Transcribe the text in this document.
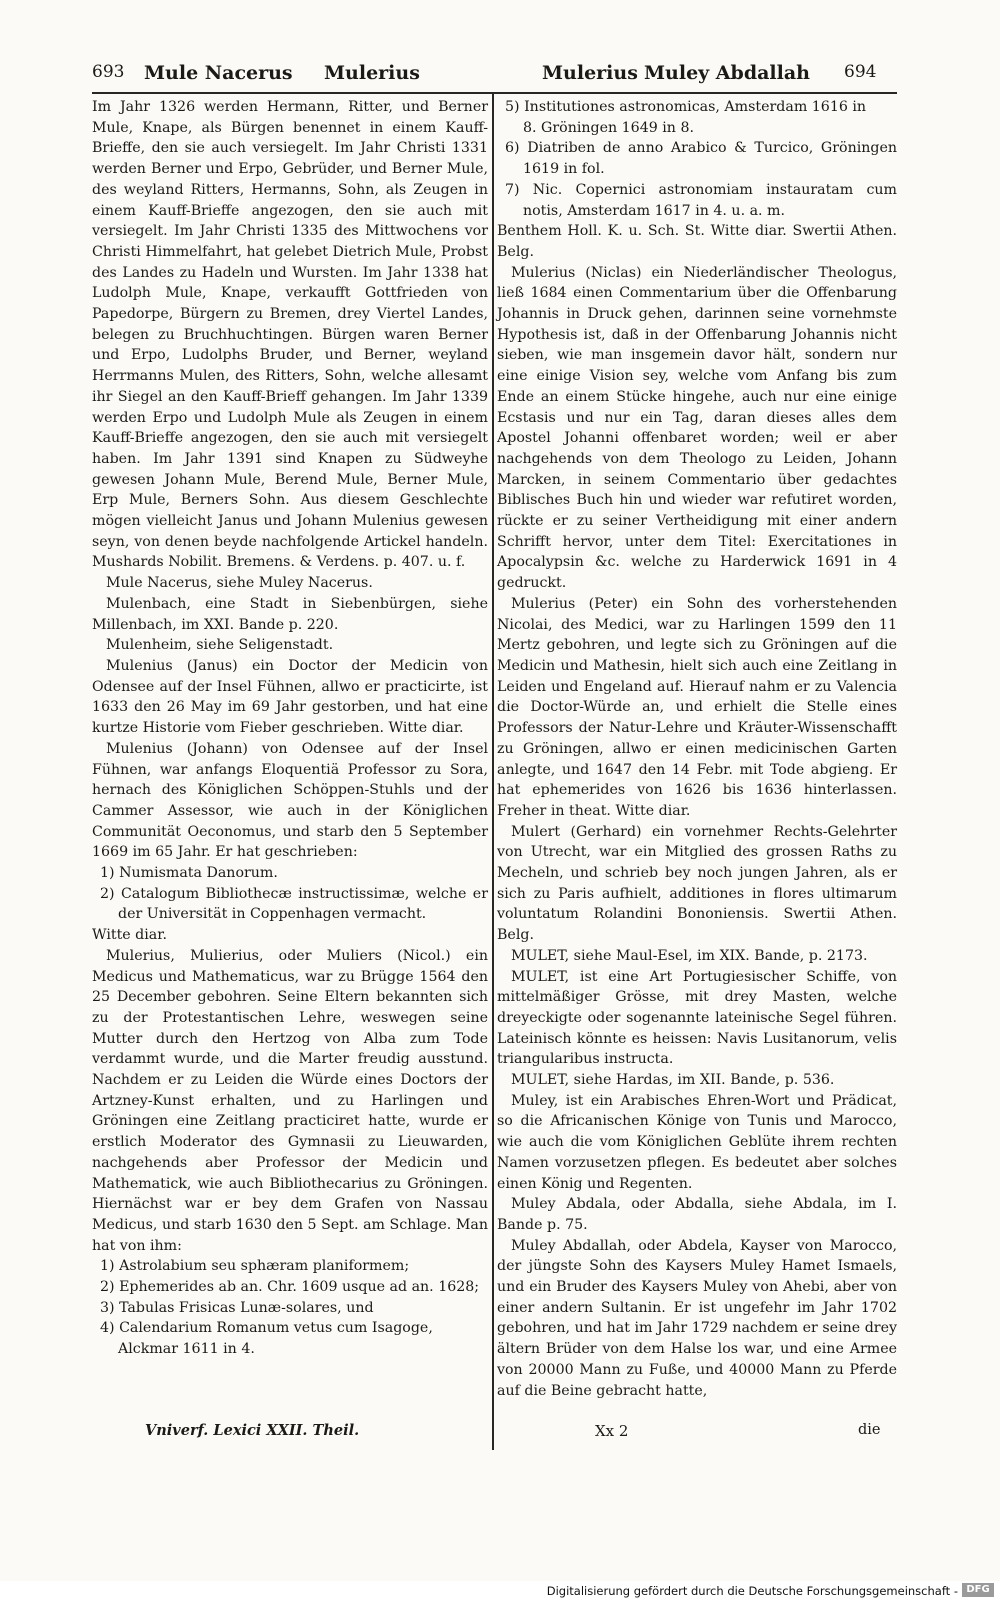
693 Mule Nacerus Mulerius	Mulerius Muley Abdallah 694

Im Jahr 1326 werden Hermann, Ritter, und Berner Mule, Knape, als Bürgen benennet in einem Kauff-Brieffe, den sie auch versiegelt. Im Jahr Christi 1331 werden Berner und Erpo, Gebrüder, und Berner Mule, des weyland Ritters, Hermanns, Sohn, als Zeugen in einem Kauff-Brieffe angezogen, den sie auch mit versiegelt. Im Jahr Christi 1335 des Mittwochens vor Christi Himmelfahrt, hat gelebet Dietrich Mule, Probst des Landes zu Hadeln und Wursten. Im Jahr 1338 hat Ludolph Mule, Knape, verkaufft Gottfrieden von Papedorpe, Bürgern zu Bremen, drey Viertel Landes, belegen zu Bruchhuchtingen. Bürgen waren Berner und Erpo, Ludolphs Bruder, und Berner, weyland Herrmanns Mulen, des Ritters, Sohn, welche allesamt ihr Siegel an den Kauff-Brieff gehangen. Im Jahr 1339 werden Erpo und Ludolph Mule als Zeugen in einem Kauff-Brieffe angezogen, den sie auch mit versiegelt haben. Im Jahr 1391 sind Knapen zu Südweyhe gewesen Johann Mule, Berend Mule, Berner Mule, Erp Mule, Berners Sohn. Aus diesem Geschlechte mögen vielleicht Janus und Johann Mulenius gewesen seyn, von denen beyde nachfolgende Artickel handeln. Mushards Nobilit. Bremens. & Verdens. p. 407. u. f.

Mule Nacerus, siehe Muley Nacerus.

Mulenbach, eine Stadt in Siebenbürgen, siehe Millenbach, im XXI. Bande p. 220.

Mulenheim, siehe Seligenstadt.

Mulenius (Janus) ein Doctor der Medicin von Odensee auf der Insel Fühnen, allwo er practicirte, ist 1633 den 26 May im 69 Jahr gestorben, und hat eine kurtze Historie vom Fieber geschrieben. Witte diar.

Mulenius (Johann) von Odensee auf der Insel Fühnen, war anfangs Eloquentiä Professor zu Sora, hernach des Königlichen Schöppen-Stuhls und der Cammer Assessor, wie auch in der Königlichen Communität Oeconomus, und starb den 5 September 1669 im 65 Jahr. Er hat geschrieben:

1) Numismata Danorum.

2) Catalogum Bibliothecæ instructissimæ, welche er der Universität in Coppenhagen vermacht.

Witte diar.

Mulerius, Mulierius, oder Muliers (Nicol.) ein Medicus und Mathematicus, war zu Brügge 1564 den 25 December gebohren. Seine Eltern bekannten sich zu der Protestantischen Lehre, weswegen seine Mutter durch den Hertzog von Alba zum Tode verdammt wurde, und die Marter freudig ausstund. Nachdem er zu Leiden die Würde eines Doctors der Artzney-Kunst erhalten, und zu Harlingen und Gröningen eine Zeitlang practiciret hatte, wurde er erstlich Moderator des Gymnasii zu Lieuwarden, nachgehends aber Professor der Medicin und Mathematick, wie auch Bibliothecarius zu Gröningen. Hiernächst war er bey dem Grafen von Nassau Medicus, und starb 1630 den 5 Sept. am Schlage. Man hat von ihm:

1) Astrolabium seu sphæram planiformem;

2) Ephemerides ab an. Chr. 1609 usque ad an. 1628;

3) Tabulas Frisicas Lunæ-solares, und

4) Calendarium Romanum vetus cum Isagoge,

Alckmar 1611 in 4.

5) Institutiones astronomicas, Amsterdam 1616 in

8. Gröningen 1649 in 8.

6) Diatriben de anno Arabico & Turcico, Gröningen 1619 in fol.

7) Nic. Copernici astronomiam instauratam cum notis, Amsterdam 1617 in 4. u. a. m.

Benthem Holl. K. u. Sch. St. Witte diar. Swertii Athen. Belg.

Mulerius (Niclas) ein Niederländischer Theologus, ließ 1684 einen Commentarium über die Offenbarung Johannis in Druck gehen, darinnen seine vornehmste Hypothesis ist, daß in der Offenbarung Johannis nicht sieben, wie man insgemein davor hält, sondern nur eine einige Vision sey, welche vom Anfang bis zum Ende an einem Stücke hingehe, auch nur eine einige Ecstasis und nur ein Tag, daran dieses alles dem Apostel Johanni offenbaret worden; weil er aber nachgehends von dem Theologo zu Leiden, Johann Marcken, in seinem Commentario über gedachtes Biblisches Buch hin und wieder war refutiret worden, rückte er zu seiner Vertheidigung mit einer andern Schrifft hervor, unter dem Titel: Exercitationes in Apocalypsin &c. welche zu Harderwick 1691 in 4 gedruckt.

Mulerius (Peter) ein Sohn des vorherstehenden Nicolai, des Medici, war zu Harlingen 1599 den 11 Mertz gebohren, und legte sich zu Gröningen auf die Medicin und Mathesin, hielt sich auch eine Zeitlang in Leiden und Engeland auf. Hierauf nahm er zu Valencia die Doctor-Würde an, und erhielt die Stelle eines Professors der Natur-Lehre und Kräuter-Wissenschafft zu Gröningen, allwo er einen medicinischen Garten anlegte, und 1647 den 14 Febr. mit Tode abgieng. Er hat ephemerides von 1626 bis 1636 hinterlassen. Freher in theat. Witte diar.

Mulert (Gerhard) ein vornehmer Rechts-Gelehrter von Utrecht, war ein Mitglied des grossen Raths zu Mecheln, und schrieb bey noch jungen Jahren, als er sich zu Paris aufhielt, additiones in flores ultimarum voluntatum Rolandini Bononiensis. Swertii Athen. Belg.

MULET, siehe Maul-Esel, im XIX. Bande, p. 2173.

MULET, ist eine Art Portugiesischer Schiffe, von mittelmäßiger Grösse, mit drey Masten, welche dreyeckigte oder sogenannte lateinische Segel führen. Lateinisch könnte es heissen: Navis Lusitanorum, velis triangularibus instructa.

MULET, siehe Hardas, im XII. Bande, p. 536.

Muley, ist ein Arabisches Ehren-Wort und Prädicat, so die Africanischen Könige von Tunis und Marocco, wie auch die vom Königlichen Geblüte ihrem rechten Namen vorzusetzen pflegen. Es bedeutet aber solches einen König und Regenten.

Muley Abdala, oder Abdalla, siehe Abdala, im I. Bande p. 75.

Muley Abdallah, oder Abdela, Kayser von Marocco, der jüngste Sohn des Kaysers Muley Hamet Ismaels, und ein Bruder des Kaysers Muley von Ahebi, aber von einer andern Sultanin. Er ist ungefehr im Jahr 1702 gebohren, und hat im Jahr 1729 nachdem er seine drey ältern Brüder von dem Halse los war, und eine Armee von 20000 Mann zu Fuße, und 40000 Mann zu Pferde auf die Beine gebracht hatte,

Vniverf. Lexici XXII. Theil.	Xx 2	die
Digitalisierung gefördert durch die Deutsche Forschungsgemeinschaft - DFG
